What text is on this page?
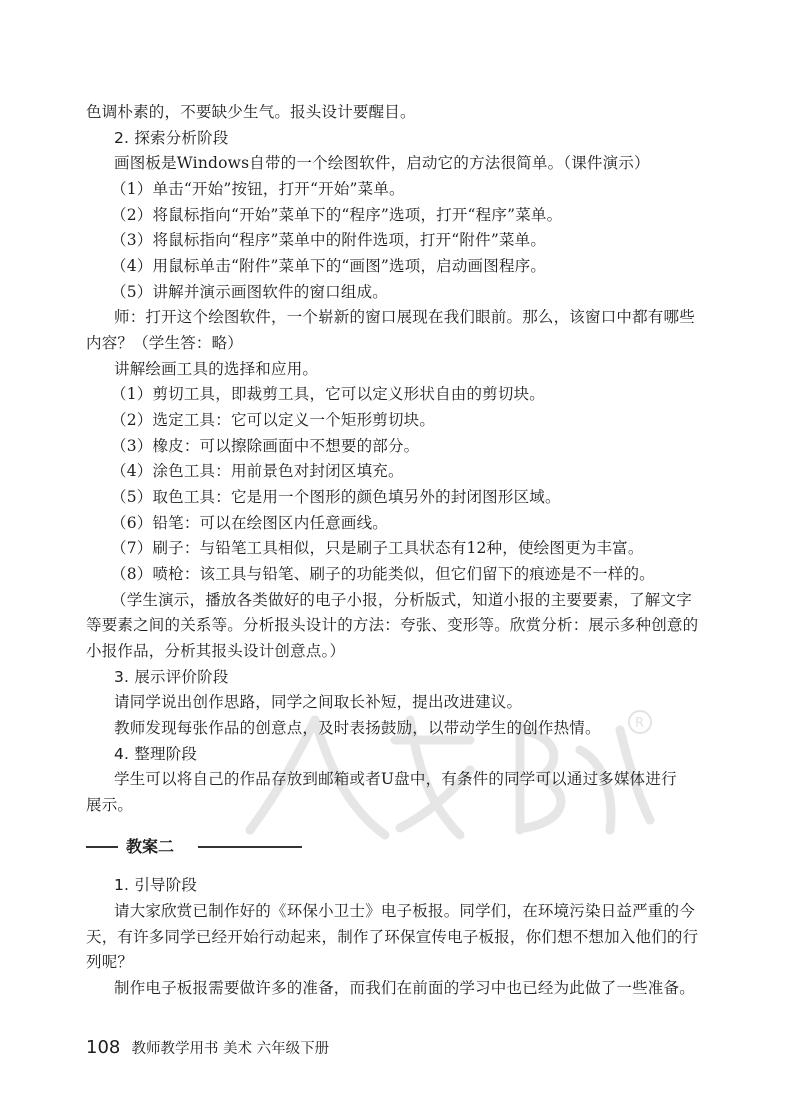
R
色调朴素的，不要缺少生气。报头设计要醒目。
2. 探索分析阶段
画图板是Windows自带的一个绘图软件，启动它的方法很简单。（课件演示）
（1）单击“开始”按钮，打开“开始”菜单。
（2）将鼠标指向“开始”菜单下的“程序”选项，打开“程序”菜单。
（3）将鼠标指向“程序”菜单中的附件选项，打开“附件”菜单。
（4）用鼠标单击“附件”菜单下的“画图”选项，启动画图程序。
（5）讲解并演示画图软件的窗口组成。
师：打开这个绘图软件，一个崭新的窗口展现在我们眼前。那么，该窗口中都有哪些
内容？（学生答：略）
讲解绘画工具的选择和应用。
（1）剪切工具，即裁剪工具，它可以定义形状自由的剪切块。
（2）选定工具：它可以定义一个矩形剪切块。
（3）橡皮：可以擦除画面中不想要的部分。
（4）涂色工具：用前景色对封闭区填充。
（5）取色工具：它是用一个图形的颜色填另外的封闭图形区域。
（6）铅笔：可以在绘图区内任意画线。
（7）刷子：与铅笔工具相似，只是刷子工具状态有12种，使绘图更为丰富。
（8）喷枪：该工具与铅笔、刷子的功能类似，但它们留下的痕迹是不一样的。
（学生演示，播放各类做好的电子小报，分析版式，知道小报的主要要素，了解文字
等要素之间的关系等。分析报头设计的方法：夸张、变形等。欣赏分析：展示多种创意的
小报作品，分析其报头设计创意点。）
3. 展示评价阶段
请同学说出创作思路，同学之间取长补短，提出改进建议。
教师发现每张作品的创意点，及时表扬鼓励，以带动学生的创作热情。
4. 整理阶段
学生可以将自己的作品存放到邮箱或者U盘中，有条件的同学可以通过多媒体进行
展示。
教案二
1. 引导阶段
请大家欣赏已制作好的《环保小卫士》电子板报。同学们，在环境污染日益严重的今
天，有许多同学已经开始行动起来，制作了环保宣传电子板报，你们想不想加入他们的行
列呢？
制作电子板报需要做许多的准备，而我们在前面的学习中也已经为此做了一些准备。
108 教师教学用书 美术 六年级下册
